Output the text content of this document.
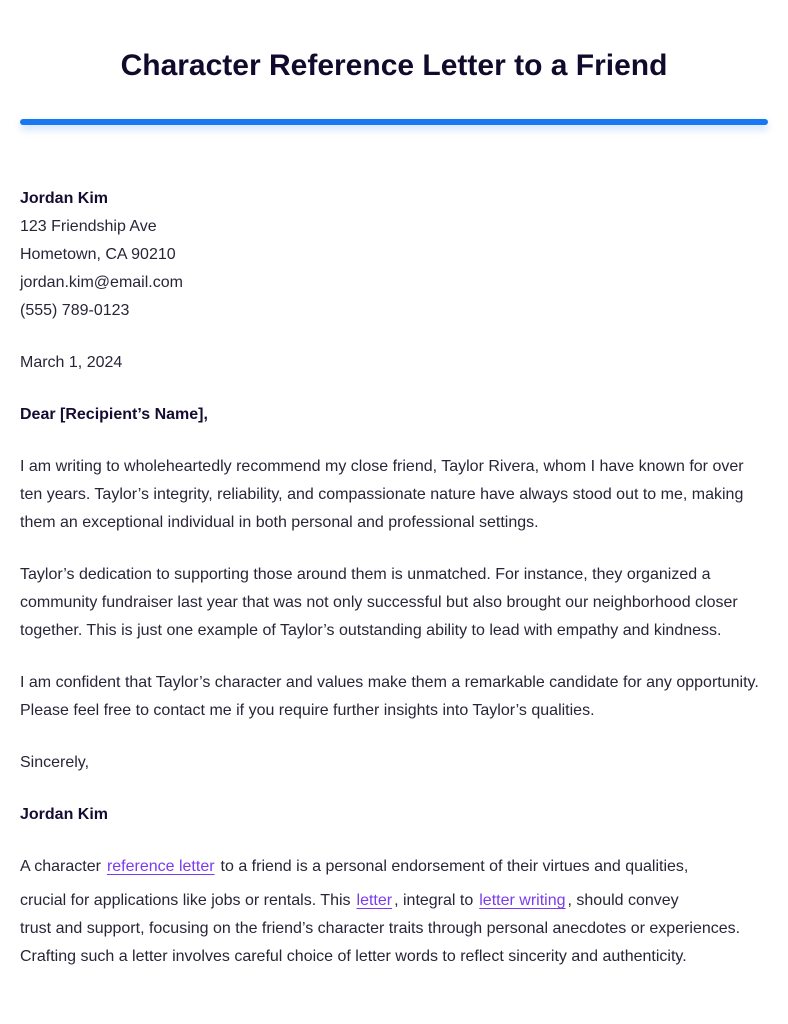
Character Reference Letter to a Friend
Jordan Kim
123 Friendship Ave
Hometown, CA 90210
jordan.kim@email.com
(555) 789-0123

March 1, 2024

Dear [Recipient’s Name],

I am writing to wholeheartedly recommend my close friend, Taylor Rivera, whom I have known for over ten years. Taylor’s integrity, reliability, and compassionate nature have always stood out to me, making them an exceptional individual in both personal and professional settings.

Taylor’s dedication to supporting those around them is unmatched. For instance, they organized a community fundraiser last year that was not only successful but also brought our neighborhood closer together. This is just one example of Taylor’s outstanding ability to lead with empathy and kindness.

I am confident that Taylor’s character and values make them a remarkable candidate for any opportunity. Please feel free to contact me if you require further insights into Taylor’s qualities.

Sincerely,

Jordan Kim

A character reference letter to a friend is a personal endorsement of their virtues and qualities,
crucial for applications like jobs or rentals. This letter , integral to letter writing , should convey
trust and support, focusing on the friend’s character traits through personal anecdotes or experiences. Crafting such a letter involves careful choice of letter words to reflect sincerity and authenticity.
